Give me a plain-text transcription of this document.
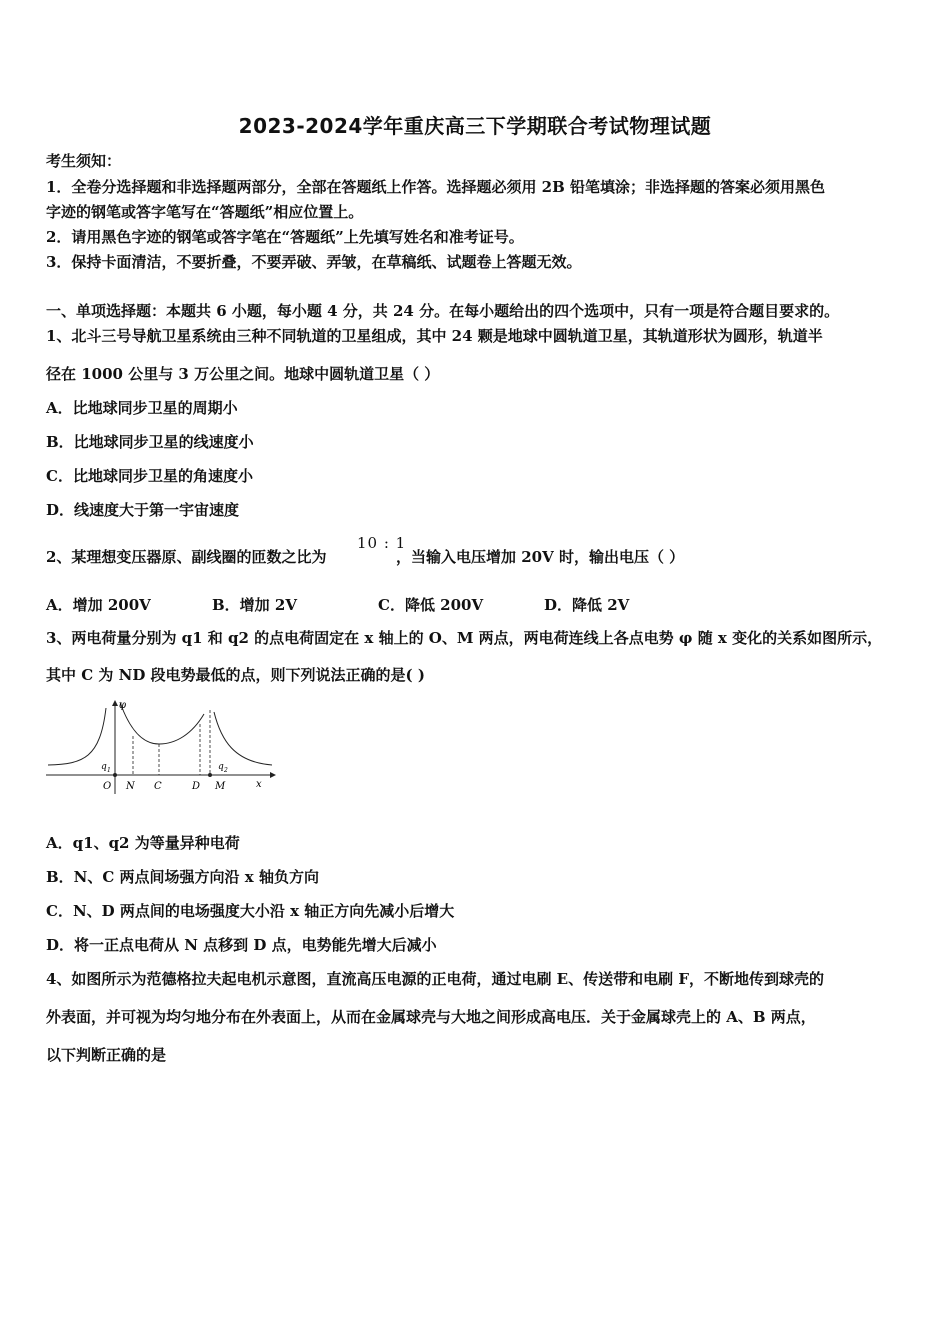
2023-2024学年重庆高三下学期联合考试物理试题
考生须知：
1．全卷分选择题和非选择题两部分，全部在答题纸上作答。选择题必须用 2B 铅笔填涂；非选择题的答案必须用黑色
字迹的钢笔或答字笔写在“答题纸”相应位置上。
2．请用黑色字迹的钢笔或答字笔在“答题纸”上先填写姓名和准考证号。
3．保持卡面清洁，不要折叠，不要弄破、弄皱，在草稿纸、试题卷上答题无效。
一、单项选择题：本题共 6 小题，每小题 4 分，共 24 分。在每小题给出的四个选项中，只有一项是符合题目要求的。
1、北斗三号导航卫星系统由三种不同轨道的卫星组成，其中 24 颗是地球中圆轨道卫星，其轨道形状为圆形，轨道半
径在 1000 公里与 3 万公里之间。地球中圆轨道卫星（ ）
A．比地球同步卫星的周期小
B．比地球同步卫星的线速度小
C．比地球同步卫星的角速度小
D．线速度大于第一宇宙速度
2、某理想变压器原、副线圈的匝数之比为
10 : 1
，当输入电压增加 20V 时，输出电压（ ）
A．增加 200V	B．增加 2V	C．降低 200V	D．降低 2V
3、两电荷量分别为 q1 和 q2 的点电荷固定在 x 轴上的 O、M 两点，两电荷连线上各点电势 φ 随 x 变化的关系如图所示，
其中 C 为 ND 段电势最低的点，则下列说法正确的是( )
φ
q 1	q 2
O N C	D M	x
A．q1、q2 为等量异种电荷
B．N、C 两点间场强方向沿 x 轴负方向
C．N、D 两点间的电场强度大小沿 x 轴正方向先减小后增大
D．将一正点电荷从 N 点移到 D 点，电势能先增大后减小
4、如图所示为范德格拉夫起电机示意图，直流高压电源的正电荷，通过电刷 E、传送带和电刷 F，不断地传到球壳的
外表面，并可视为均匀地分布在外表面上，从而在金属球壳与大地之间形成高电压．关于金属球壳上的 A、B 两点，
以下判断正确的是
